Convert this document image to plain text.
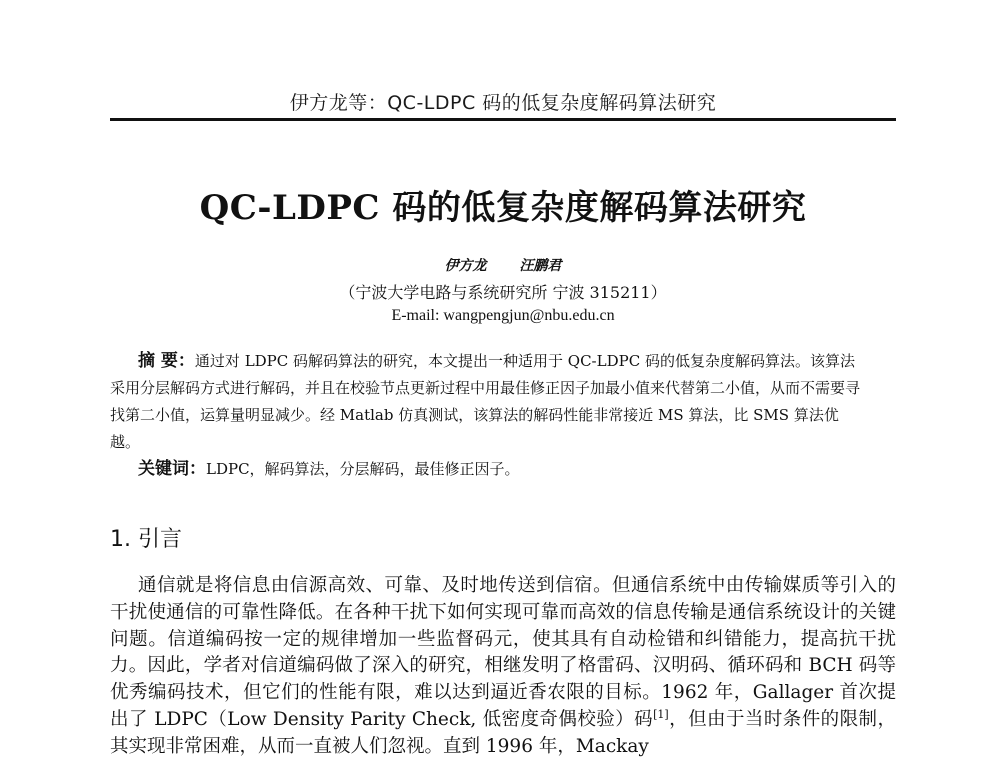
伊方龙等：QC-LDPC 码的低复杂度解码算法研究
QC-LDPC 码的低复杂度解码算法研究
伊方龙 汪鹏君
（宁波大学电路与系统研究所 宁波 315211）
E-mail: wangpengjun@nbu.edu.cn

摘 要：通过对 LDPC 码解码算法的研究，本文提出一种适用于 QC-LDPC 码的低复杂度解码算法。该算法采用分层解码方式进行解码，并且在校验节点更新过程中用最佳修正因子加最小值来代替第二小值，从而不需要寻找第二小值，运算量明显减少。经 Matlab 仿真测试，该算法的解码性能非常接近 MS 算法，比 SMS 算法优越。

关键词：LDPC，解码算法，分层解码，最佳修正因子。

1. 引言

通信就是将信息由信源高效、可靠、及时地传送到信宿。但通信系统中由传输媒质等引入的干扰使通信的可靠性降低。在各种干扰下如何实现可靠而高效的信息传输是通信系统设计的关键问题。信道编码按一定的规律增加一些监督码元，使其具有自动检错和纠错能力，提高抗干扰力。因此，学者对信道编码做了深入的研究，相继发明了格雷码、汉明码、循环码和 BCH 码等优秀编码技术，但它们的性能有限，难以达到逼近香农限的目标。1962 年，Gallager 首次提出了 LDPC（Low Density Parity Check, 低密度奇偶校验）码[1]，但由于当时条件的限制，其实现非常困难，从而一直被人们忽视。直到 1996 年，Mackay
